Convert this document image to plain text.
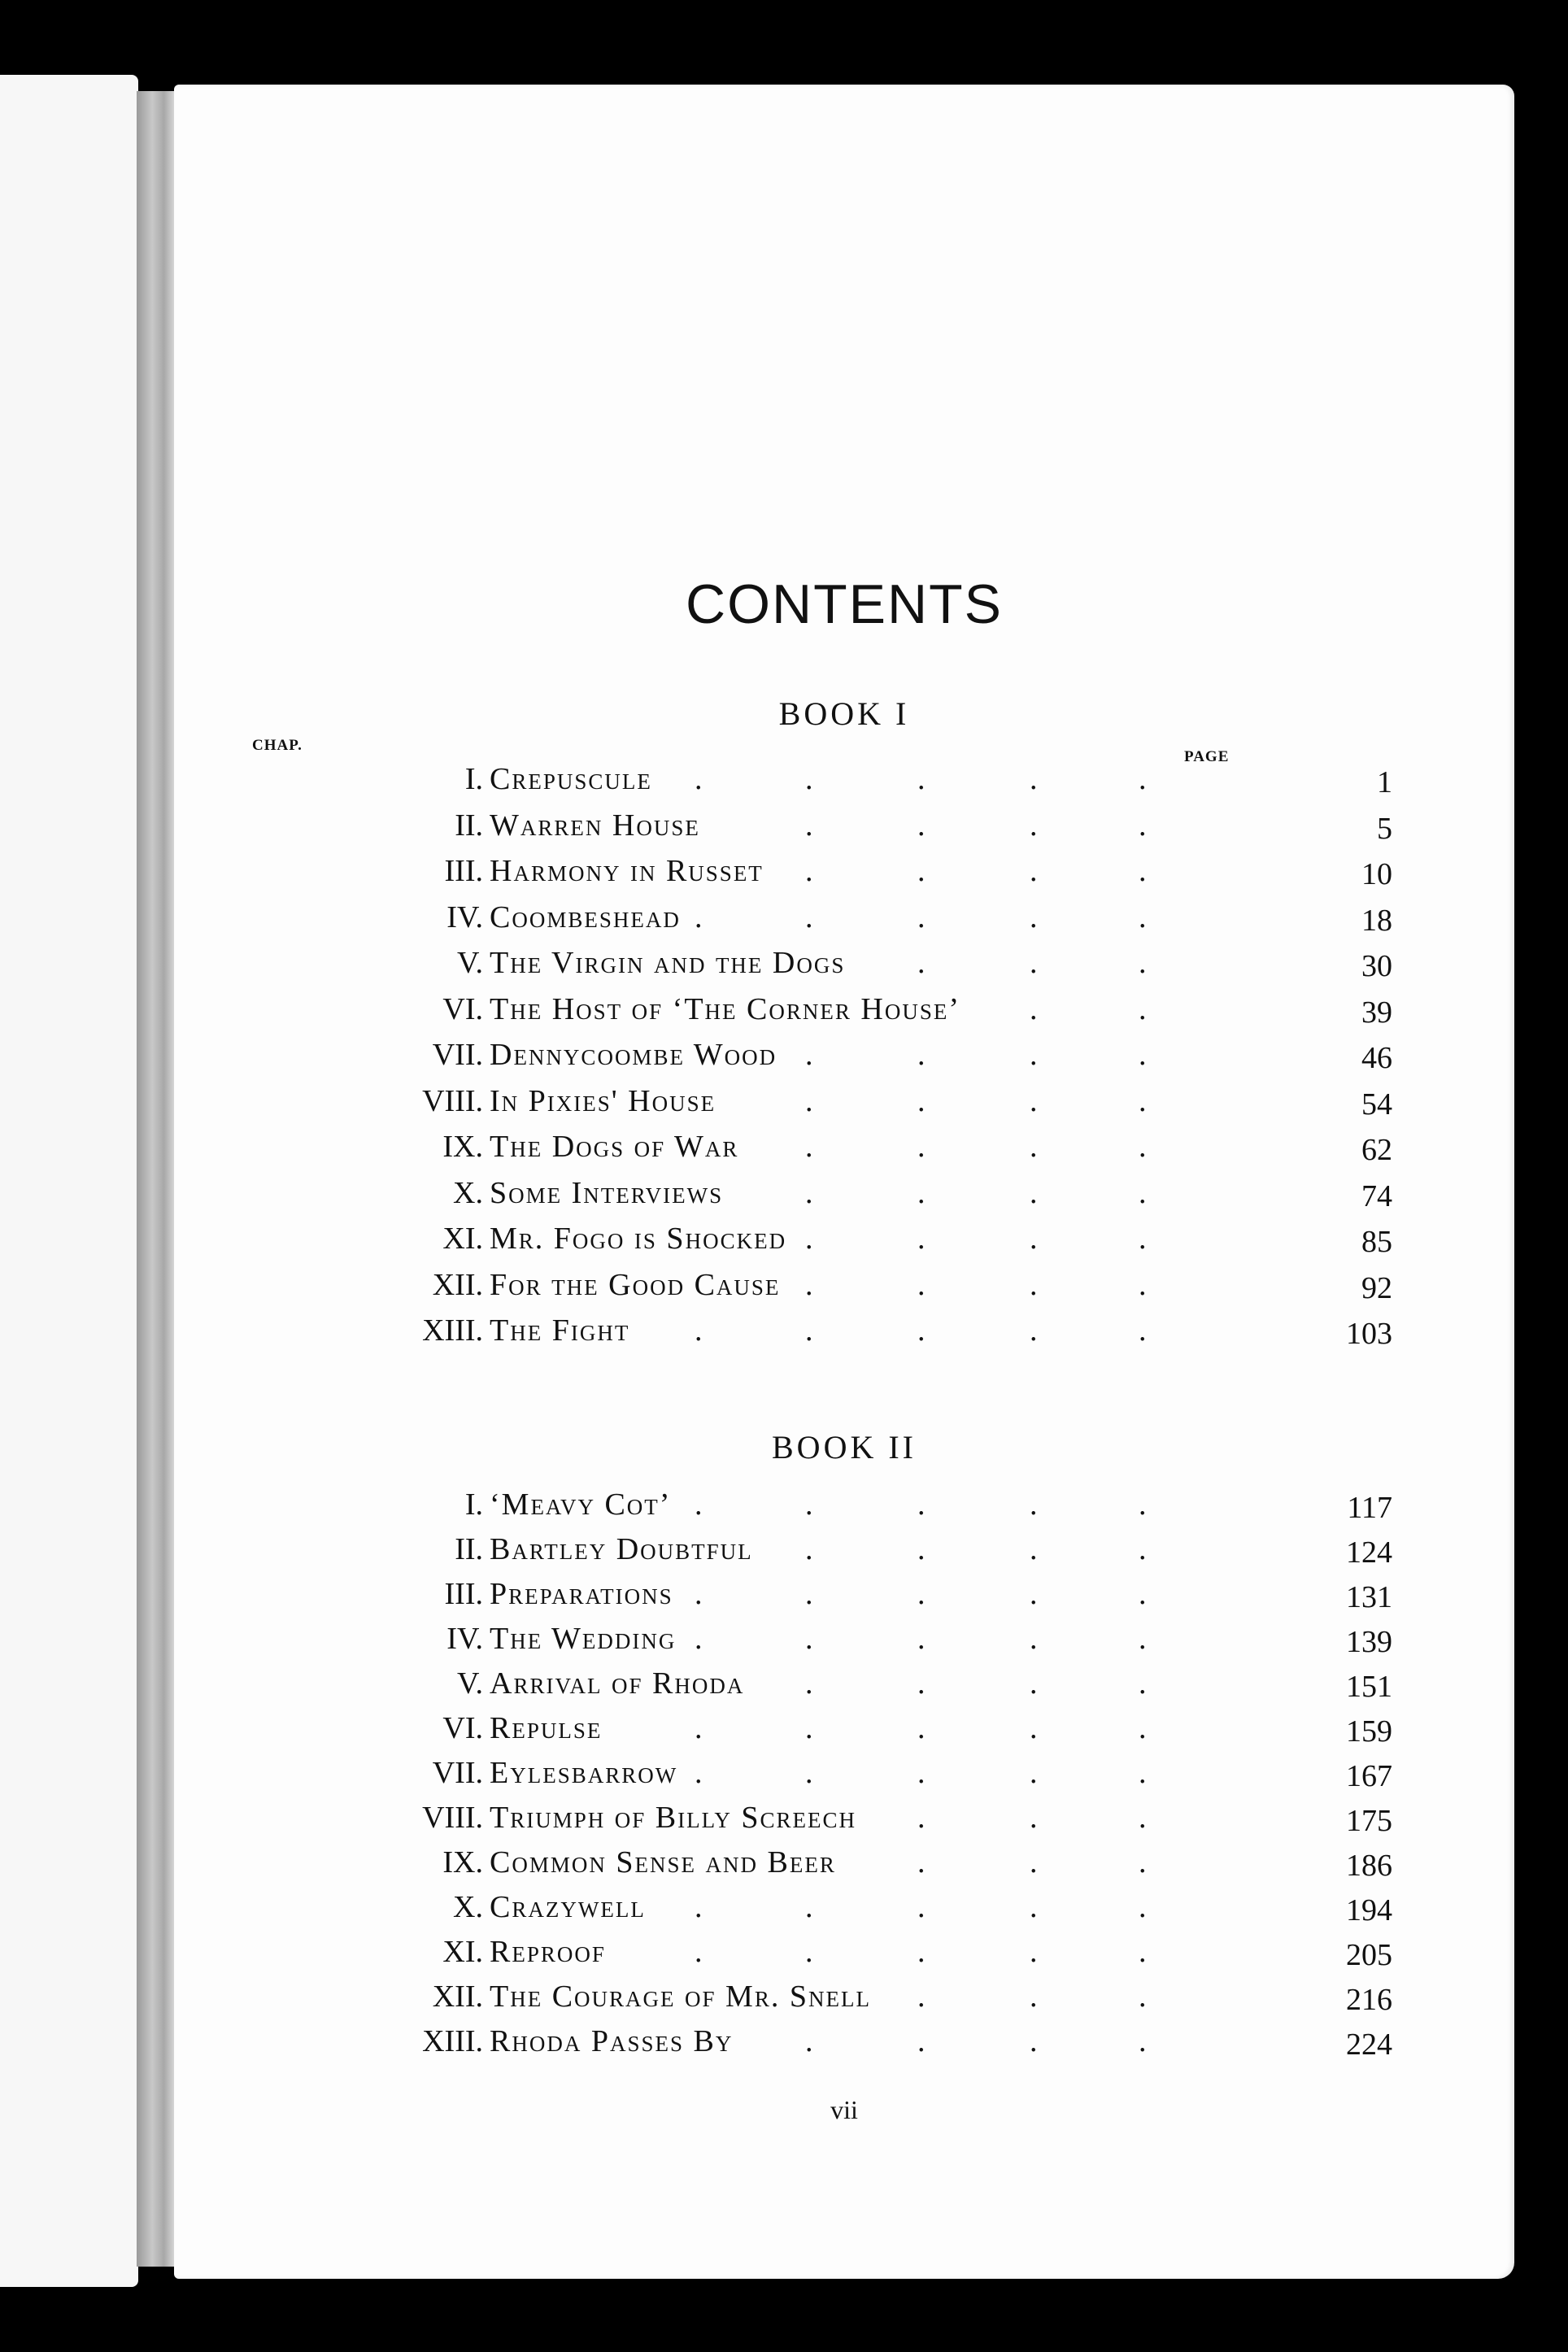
CONTENTS
BOOK I
CHAP.
PAGE
I. Crepuscule	1
.	.	.	.	.
II. Warren House	5
.	.	.	.
III. Harmony in Russet	10
.	.	.	.
IV. Coombeshead	18
.	.	.	.	.
V. The Virgin and the Dogs	30
.	.	.
VI. The Host of ‘The Corner House’	39
.	.
VII. Dennycoombe Wood	46
.	.	.	.
VIII. In Pixies' House	54
.	.	.	.
IX. The Dogs of War	62
.	.	.	.
X. Some Interviews	74
.	.	.	.
XI. Mr. Fogo is Shocked	85
.	.	.	.
XII. For the Good Cause	92
.	.	.	.
XIII. The Fight	103
.	.	.	.	.
BOOK II
I. ‘Meavy Cot’	117
.	.	.	.	.
II. Bartley Doubtful	124
.	.	.	.
III. Preparations	131
.	.	.	.	.
IV. The Wedding	139
.	.	.	.	.
V. Arrival of Rhoda	151
.	.	.	.
VI. Repulse	159
.	.	.	.	.
VII. Eylesbarrow	167
.	.	.	.	.
VIII. Triumph of Billy Screech	175
.	.	.
IX. Common Sense and Beer	186
.	.	.
X. Crazywell	194
.	.	.	.	.
XI. Reproof	205
.	.	.	.	.
XII. The Courage of Mr. Snell	216
.	.	.
XIII. Rhoda Passes By	224
.	.	.	.
vii
